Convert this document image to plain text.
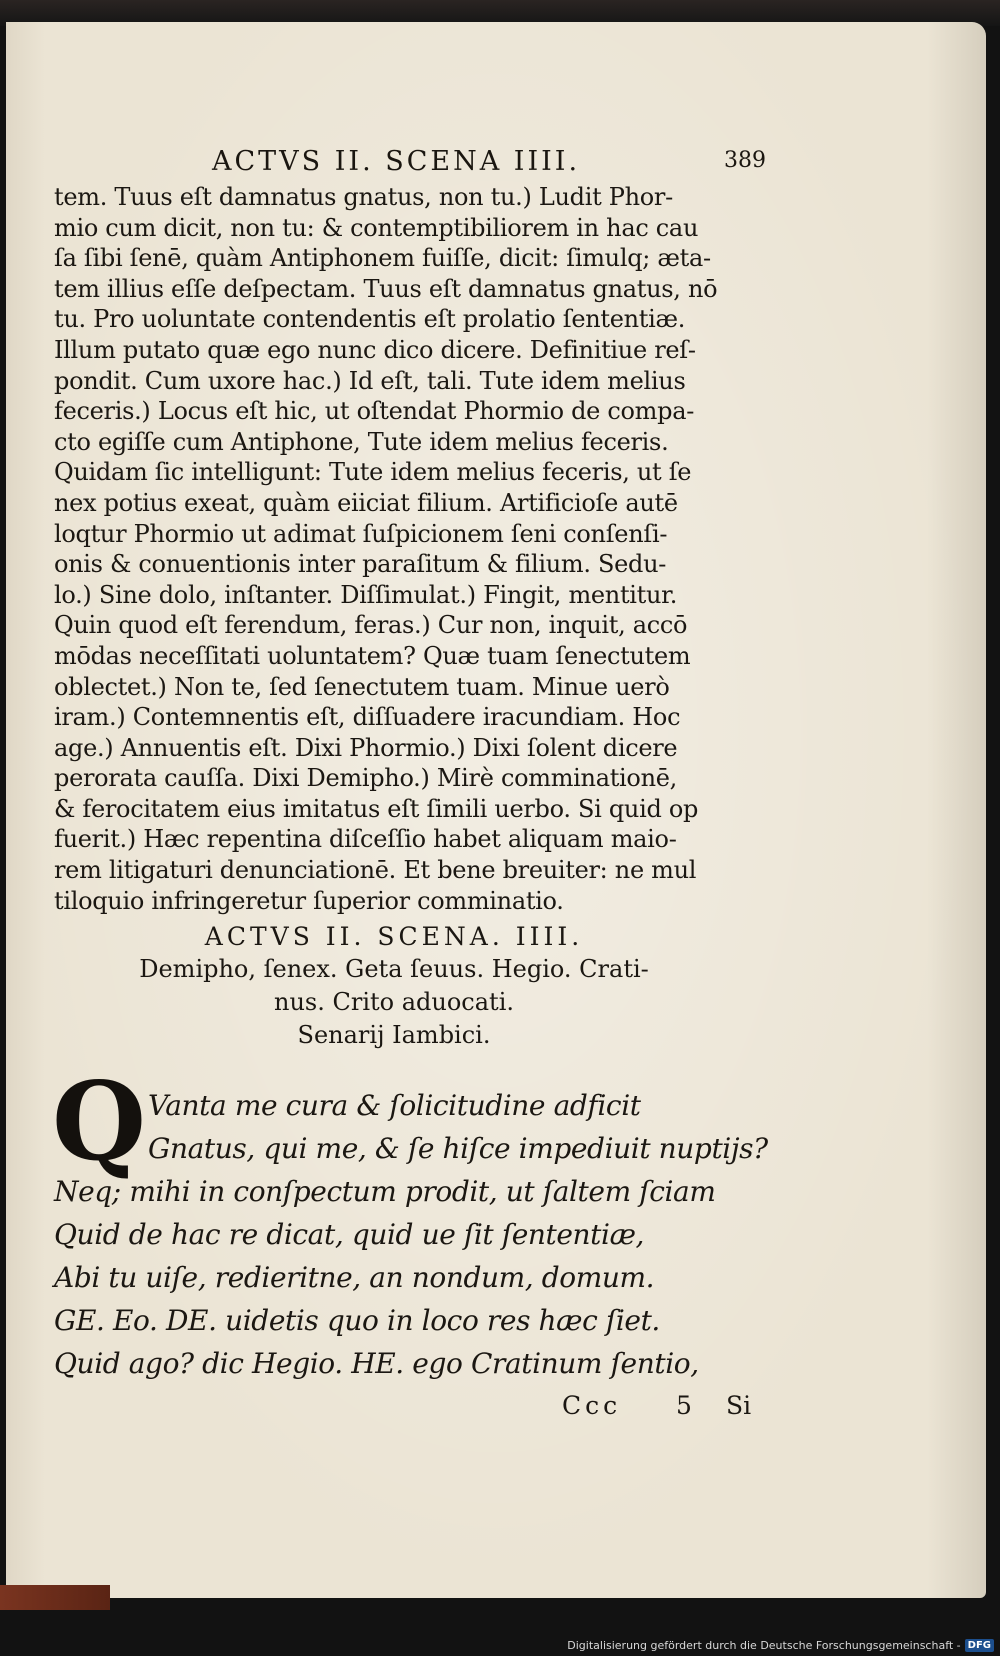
ACTVS II. SCENA IIII.	389
tem. Tuus eſt damnatus gnatus, non tu.) Ludit Phor-
mio cum dicit, non tu: & contemptibiliorem in hac cau
ſa ſibi ſenē, quàm Antiphonem fuiſſe, dicit: ſimulq; æta-
tem illius eſſe deſpectam. Tuus eſt damnatus gnatus, nō
tu. Pro uoluntate contendentis eſt prolatio ſententiæ.
Illum putato quæ ego nunc dico dicere. Definitiue reſ-
pondit. Cum uxore hac.) Id eſt, tali. Tute idem melius
feceris.) Locus eſt hic, ut oſtendat Phormio de compa-
cto egiſſe cum Antiphone, Tute idem melius feceris.
Quidam ſic intelligunt: Tute idem melius feceris, ut ſe
nex potius exeat, quàm eiiciat filium. Artificioſe autē
loqtur Phormio ut adimat ſuſpicionem ſeni conſenſi-
onis & conuentionis inter paraſitum & filium. Sedu-
lo.) Sine dolo, inſtanter. Diſſimulat.) Fingit, mentitur.
Quin quod eſt ferendum, feras.) Cur non, inquit, accō
mōdas neceſſitati uoluntatem? Quæ tuam ſenectutem
oblectet.) Non te, ſed ſenectutem tuam. Minue uerò
iram.) Contemnentis eſt, diſſuadere iracundiam. Hoc
age.) Annuentis eſt. Dixi Phormio.) Dixi ſolent dicere
perorata cauſſa. Dixi Demipho.) Mirè comminationē,
& ferocitatem eius imitatus eſt ſimili uerbo. Si quid op
fuerit.) Hæc repentina diſceſſio habet aliquam maio-
rem litigaturi denunciationē. Et bene breuiter: ne mul
tiloquio infringeretur ſuperior comminatio.
ACTVS II. SCENA. IIII.
Demipho, ſenex. Geta ſeuus. Hegio. Crati-
nus. Crito aduocati.
Senarij Iambici.
Q Vanta me cura & ſolicitudine adficit
Gnatus, qui me, & ſe hiſce impediuit nuptijs?
Neq; mihi in conſpectum prodit, ut ſaltem ſciam
Quid de hac re dicat, quid ue ſit ſententiæ,
Abi tu uiſe, redieritne, an nondum, domum.
GE. Eo. DE. uidetis quo in loco res hæc ſiet.
Quid ago? dic Hegio. HE. ego Cratinum ſentio,
Ccc 5 Si
Digitalisierung gefördert durch die Deutsche Forschungsgemeinschaft - DFG
